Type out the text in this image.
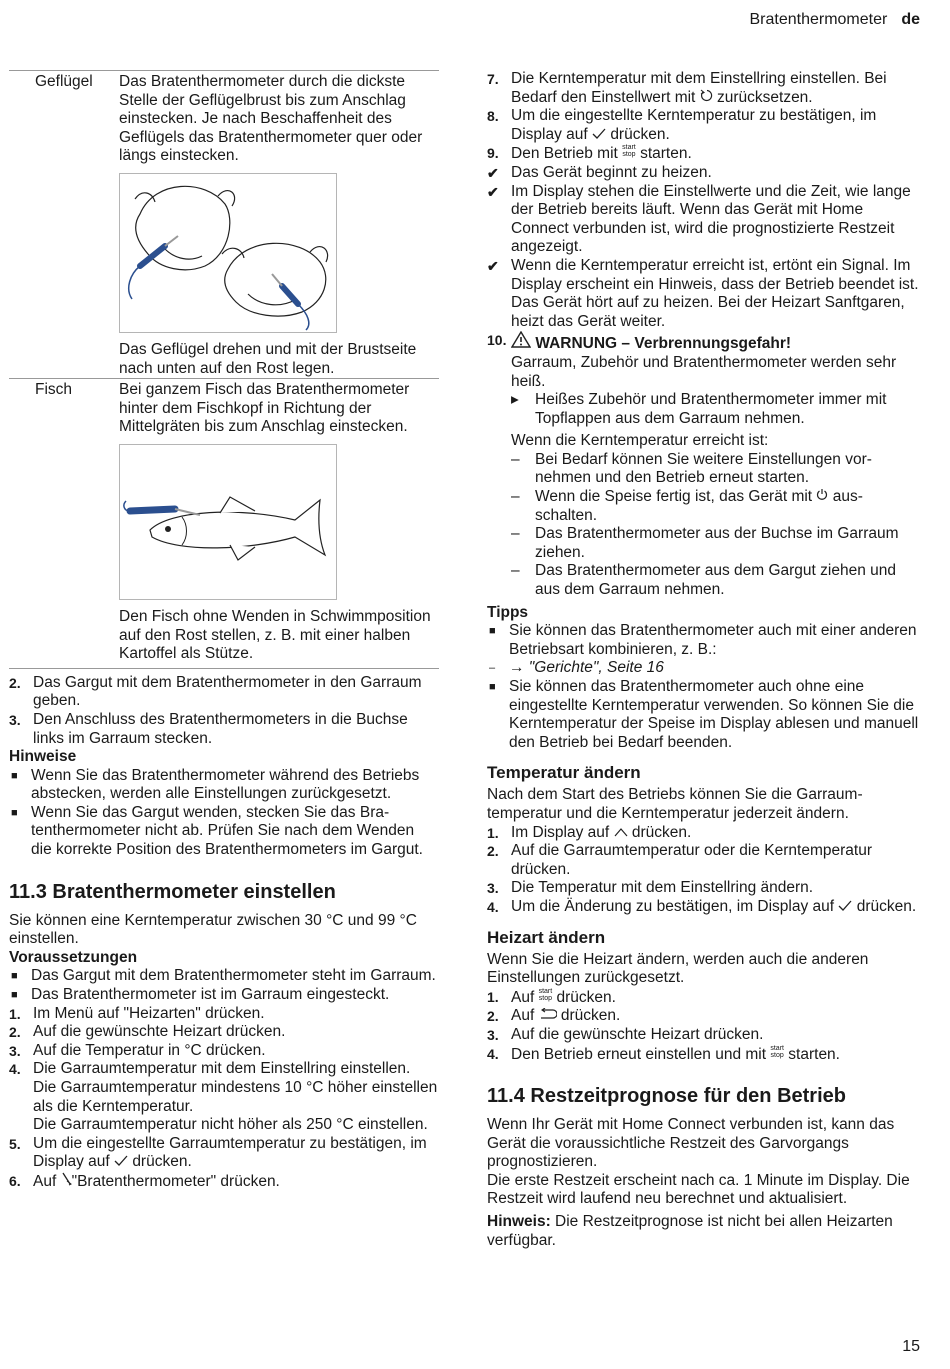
Bratenthermometer de
Geflügel	Das Bratenthermometer durch die dickste Stelle der Geflügelbrust bis zum Anschlag einstecken. Je nach Beschaffenheit des Geflügels das Bratenthermometer quer oder längs einstecken.
Das Geflügel drehen und mit der Brustseite nach unten auf den Rost legen.
Fisch	Bei ganzem Fisch das Bratenthermometer hinter dem Fischkopf in Richtung der Mittelgräten bis zum Anschlag einstecken.
Den Fisch ohne Wenden in Schwimmposition auf den Rost stellen, z. B. mit einer halben Kartoffel als Stütze.
2. Das Gargut mit dem Bratenthermometer in den Garraum geben.
3. Den Anschluss des Bratenthermometers in die Buchse links im Garraum stecken.
Hinweise
■ Wenn Sie das Bratenthermometer während des Betriebs abstecken, werden alle Einstellungen zurückgesetzt.
■ Wenn Sie das Gargut wenden, stecken Sie das Bratenthermometer nicht ab. Prüfen Sie nach dem Wenden die korrekte Position des Bratenthermometers im Gargut.
11.3 Bratenthermometer einstellen
Sie können eine Kerntemperatur zwischen 30 °C und 99 °C einstellen.
Voraussetzungen
■ Das Gargut mit dem Bratenthermometer steht im Garraum.
■ Das Bratenthermometer ist im Garraum eingesteckt.
1. Im Menü auf "Heizarten" drücken.
2. Auf die gewünschte Heizart drücken.
3. Auf die Temperatur in °C drücken.
4. Die Garraumtemperatur mit dem Einstellring einstellen.
Die Garraumtemperatur mindestens 10 °C höher einstellen als die Kerntemperatur.
Die Garraumtemperatur nicht höher als 250 °C einstellen.
5. Um die eingestellte Garraumtemperatur zu bestätigen, im Display auf drücken.
6. Auf "Bratenthermometer" drücken.
7. Die Kerntemperatur mit dem Einstellring einstellen. Bei Bedarf den Einstellwert mit zurücksetzen.
8. Um die eingestellte Kerntemperatur zu bestätigen, im Display auf drücken.
9. Den Betrieb mit start
stop starten.
✔ Das Gerät beginnt zu heizen.
✔ Im Display stehen die Einstellwerte und die Zeit, wie lange der Betrieb bereits läuft. Wenn das Gerät mit Home Connect verbunden ist, wird die prognostizierte Restzeit angezeigt.
✔ Wenn die Kerntemperatur erreicht ist, ertönt ein Signal. Im Display erscheint ein Hinweis, dass der Betrieb beendet ist. Das Gerät hört auf zu heizen. Bei der Heizart Sanftgaren, heizt das Gerät weiter.
10.	WARNUNG – Verbrennungsgefahr!
Garraum, Zubehör und Bratenthermometer werden sehr heiß.
▸	Heißes Zubehör und Bratenthermometer immer mit Topflappen aus dem Garraum nehmen.
Wenn die Kerntemperatur erreicht ist:
– Bei Bedarf können Sie weitere Einstellungen vornehmen und den Betrieb erneut starten.
– Wenn die Speise fertig ist, das Gerät mit ausschalten.
– Das Bratenthermometer aus der Buchse im Garraum ziehen.
– Das Bratenthermometer aus dem Gargut ziehen und aus dem Garraum nehmen.
Tipps
■ Sie können das Bratenthermometer auch mit einer anderen Betriebsart kombinieren, z. B.:
– → "Gerichte", Seite 16
■ Sie können das Bratenthermometer auch ohne eine eingestellte Kerntemperatur verwenden. So können Sie die Kerntemperatur der Speise im Display ablesen und manuell den Betrieb bei Bedarf beenden.
Temperatur ändern
Nach dem Start des Betriebs können Sie die Garraumtemperatur und die Kerntemperatur jederzeit ändern.
1. Im Display auf drücken.
2. Auf die Garraumtemperatur oder die Kerntemperatur drücken.
3. Die Temperatur mit dem Einstellring ändern.
4. Um die Änderung zu bestätigen, im Display auf drücken.
Heizart ändern
Wenn Sie die Heizart ändern, werden auch die anderen Einstellungen zurückgesetzt.
1. Auf start
stop drücken.
2. Auf drücken.
3. Auf die gewünschte Heizart drücken.
4. Den Betrieb erneut einstellen und mit start
stop starten.
11.4 Restzeitprognose für den Betrieb
Wenn Ihr Gerät mit Home Connect verbunden ist, kann das Gerät die voraussichtliche Restzeit des Garvorgangs prognostizieren.
Die erste Restzeit erscheint nach ca. 1 Minute im Display. Die Restzeit wird laufend neu berechnet und aktualisiert.
Hinweis: Die Restzeitprognose ist nicht bei allen Heizarten verfügbar.
15
